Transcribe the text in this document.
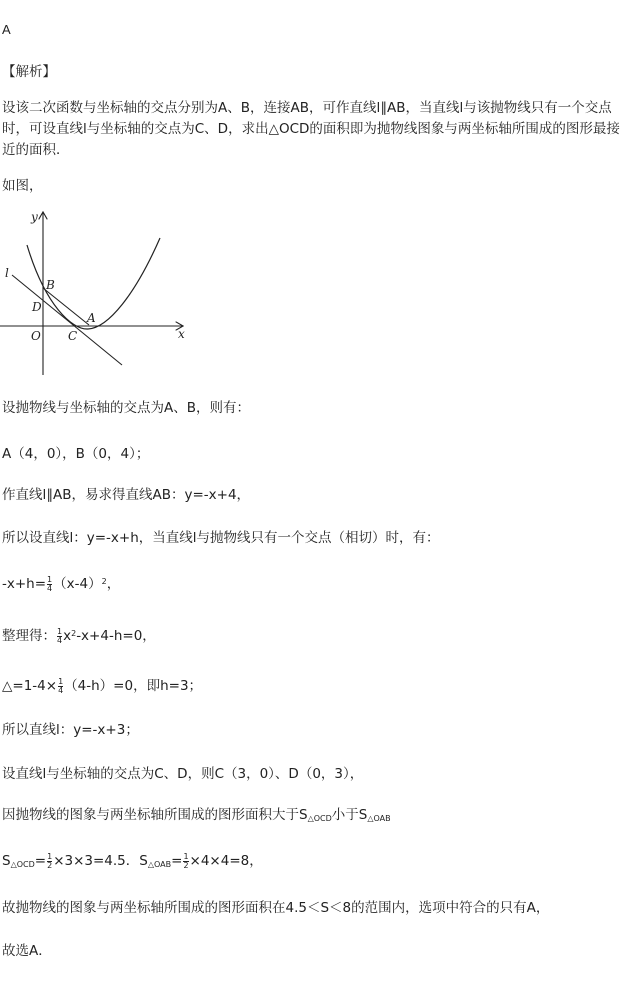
A
【解析】
设该二次函数与坐标轴的交点分别为A、B，连接AB，可作直线l∥AB，当直线l与该抛物线只有一个交点时，可设直线l与坐标轴的交点为C、D，求出△OCD的面积即为抛物线图象与两坐标轴所围成的图形最接近的面积．
如图，
y
x
l
B
D
A
O C
设抛物线与坐标轴的交点为A、B，则有：
A（4，0），B（0，4）；
作直线l∥AB，易求得直线AB：y=-x+4，
所以设直线l：y=-x+h，当直线l与抛物线只有一个交点（相切）时，有：
$-x+h= \frac{1}{4} (x-4)^2$，
整理得： $\frac{1}{4} x^2-x+4-h=0$，
△=1-4× $\frac{1}{4} (4-h)=0$，即h=3；
所以直线l：y=-x+3；
设直线l与坐标轴的交点为C、D，则C（3，0）、D（0，3），
因抛物线的图象与两坐标轴所围成的图形面积大于$S_{\triangle OCD}$小于$S_{\triangle OAB}$
$S_{\triangle OCD}= \frac{1}{2} \times 3\times 3=4.5$．$S_{\triangle OAB}= \frac{1}{2} \times 4\times 4=8$，
故抛物线的图象与两坐标轴所围成的图形面积在4.5＜S＜8的范围内，选项中符合的只有A，
故选A．
